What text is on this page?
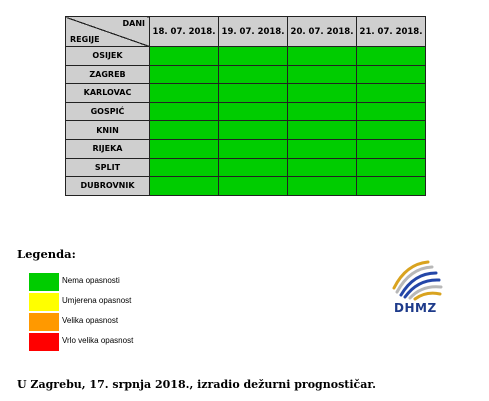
DANI
REGIJE	18. 07. 2018.	19. 07. 2018.	20. 07. 2018.	21. 07. 2018.
OSIJEK				
ZAGREB				
KARLOVAC				
GOSPIĆ				
KNIN				
RIJEKA				
SPLIT				
DUBROVNIK				
Legenda:
Nema opasnosti
Umjerena opasnost
Velika opasnost
Vrlo velika opasnost
DHMZ
U Zagrebu, 17. srpnja 2018., izradio dežurni prognostičar.
